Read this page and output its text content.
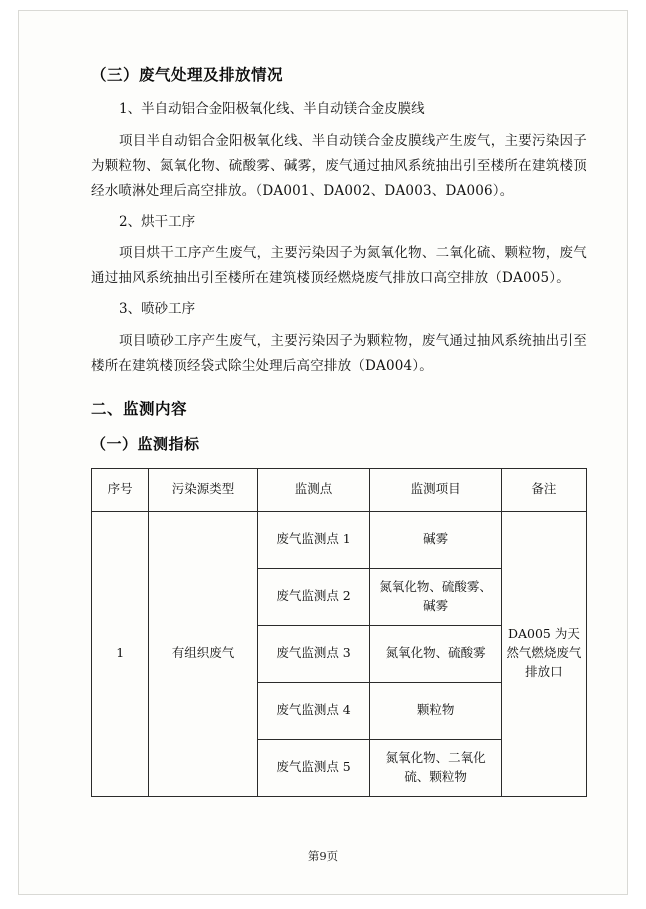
（三）废气处理及排放情况
1、半自动铝合金阳极氧化线、半自动镁合金皮膜线

项目半自动铝合金阳极氧化线、半自动镁合金皮膜线产生废气，主要污染因子为颗粒物、氮氧化物、硫酸雾、碱雾，废气通过抽风系统抽出引至楼所在建筑楼顶经水喷淋处理后高空排放。（DA001、DA002、DA003、DA006）。

2、烘干工序

项目烘干工序产生废气，主要污染因子为氮氧化物、二氧化硫、颗粒物，废气通过抽风系统抽出引至楼所在建筑楼顶经燃烧废气排放口高空排放（DA005）。

3、喷砂工序

项目喷砂工序产生废气，主要污染因子为颗粒物，废气通过抽风系统抽出引至楼所在建筑楼顶经袋式除尘处理后高空排放（DA004）。

二、监测内容
（一）监测指标
序号	污染源类型	监测点	监测项目	备注
1	有组织废气	废气监测点 1	碱雾	DA005 为天然气燃烧废气排放口
		废气监测点 2	氮氧化物、硫酸雾、碱雾	
		废气监测点 3	氮氧化物、硫酸雾	
		废气监测点 4	颗粒物	
		废气监测点 5	氮氧化物、二氧化硫、颗粒物	
第9页
